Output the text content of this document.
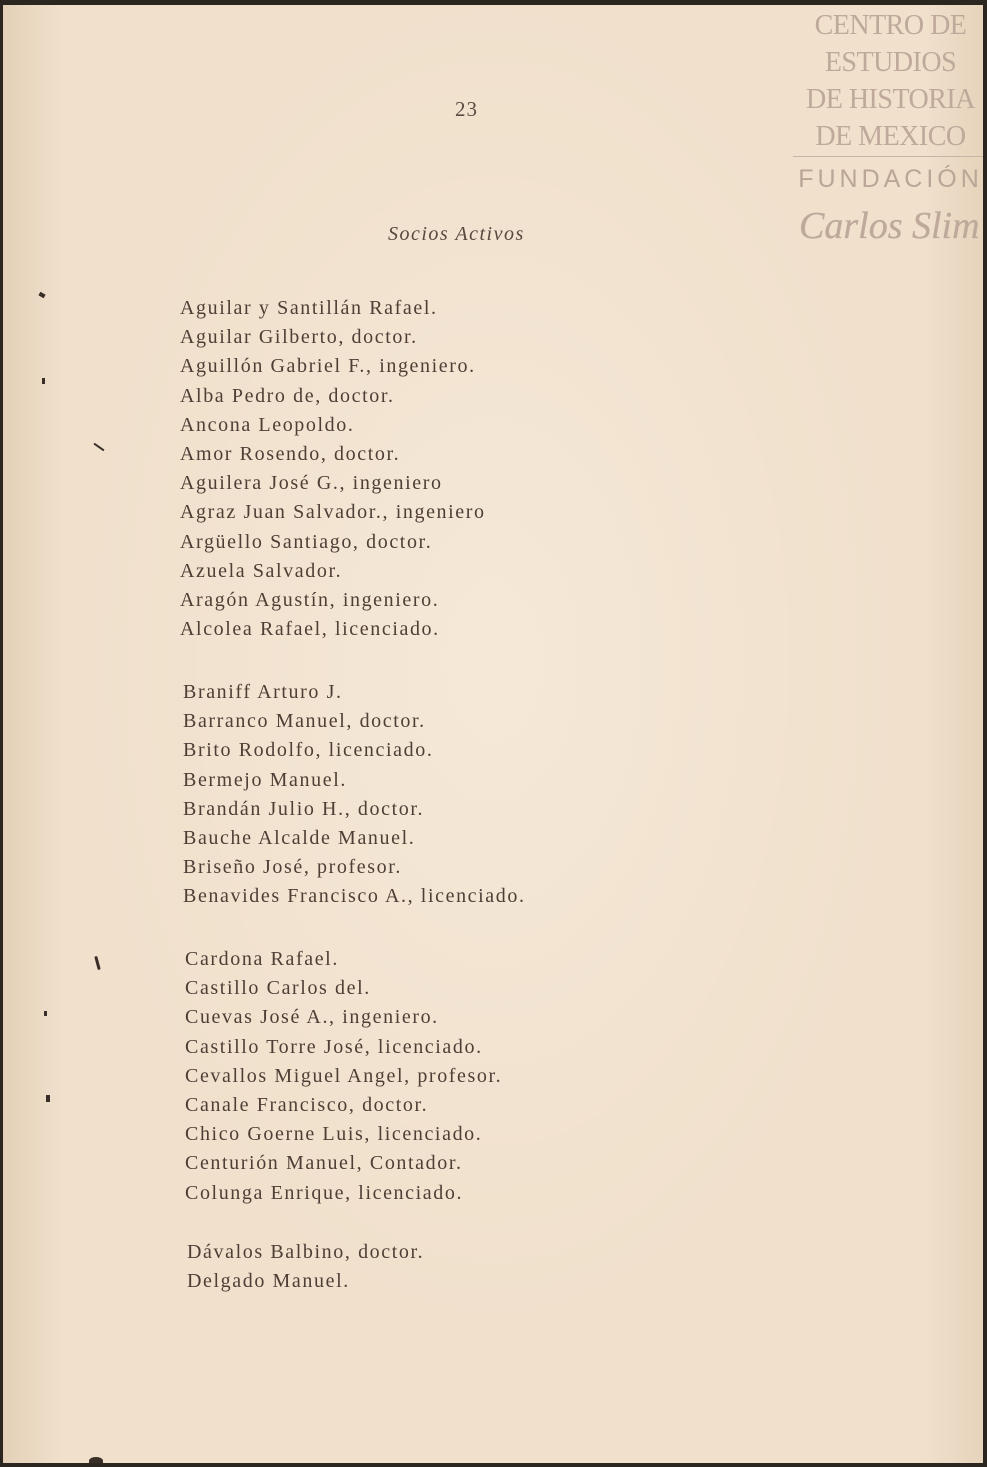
23
Socios Activos
Aguilar y Santillán Rafael.
Aguilar Gilberto, doctor.
Aguillón Gabriel F., ingeniero.
Alba Pedro de, doctor.
Ancona Leopoldo.
Amor Rosendo, doctor.
Aguilera José G., ingeniero
Agraz Juan Salvador., ingeniero
Argüello Santiago, doctor.
Azuela Salvador.
Aragón Agustín, ingeniero.
Alcolea Rafael, licenciado.
Braniff Arturo J.
Barranco Manuel, doctor.
Brito Rodolfo, licenciado.
Bermejo Manuel.
Brandán Julio H., doctor.
Bauche Alcalde Manuel.
Briseño José, profesor.
Benavides Francisco A., licenciado.
Cardona Rafael.
Castillo Carlos del.
Cuevas José A., ingeniero.
Castillo Torre José, licenciado.
Cevallos Miguel Angel, profesor.
Canale Francisco, doctor.
Chico Goerne Luis, licenciado.
Centurión Manuel, Contador.
Colunga Enrique, licenciado.
Dávalos Balbino, doctor.
Delgado Manuel.
CENTRO DE
ESTUDIOS
DE HISTORIA
DE MEXICO
FUNDACIÓN
Carlos Slim
